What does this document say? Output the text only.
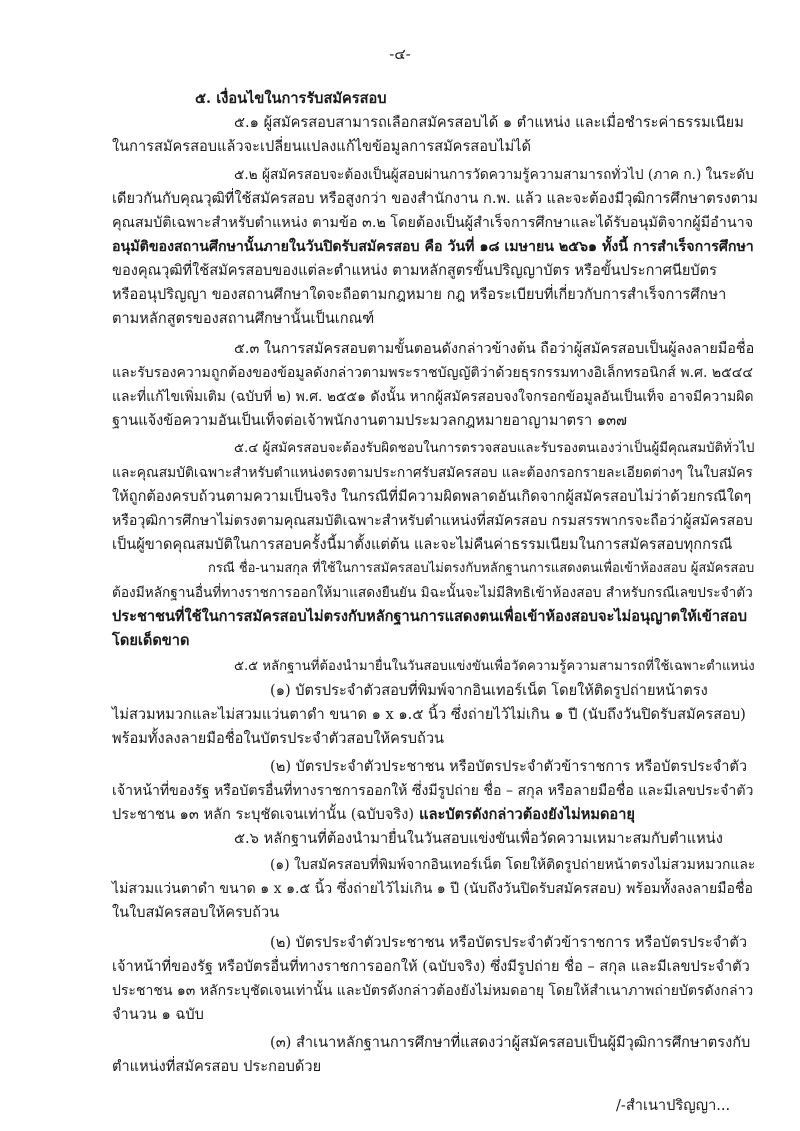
-๔-
๕. เงื่อนไขในการรับสมัครสอบ
๕.๑ ผู้สมัครสอบสามารถเลือกสมัครสอบได้ ๑ ตำแหน่ง และเมื่อชำระค่าธรรมเนียม
ในการสมัครสอบแล้วจะเปลี่ยนแปลงแก้ไขข้อมูลการสมัครสอบไม่ได้
๕.๒ ผู้สมัครสอบจะต้องเป็นผู้สอบผ่านการวัดความรู้ความสามารถทั่วไป (ภาค ก.) ในระดับ
เดียวกันกับคุณวุฒิที่ใช้สมัครสอบ หรือสูงกว่า ของสำนักงาน ก.พ. แล้ว และจะต้องมีวุฒิการศึกษาตรงตาม
คุณสมบัติเฉพาะสำหรับตำแหน่ง ตามข้อ ๓.๒ โดยต้องเป็นผู้สำเร็จการศึกษาและได้รับอนุมัติจากผู้มีอำนาจ
อนุมัติของสถานศึกษานั้นภายในวันปิดรับสมัครสอบ คือ วันที่ ๑๘ เมษายน ๒๕๖๑ ทั้งนี้ การสำเร็จการศึกษา
ของคุณวุฒิที่ใช้สมัครสอบของแต่ละตำแหน่ง ตามหลักสูตรขั้นปริญญาบัตร หรือขั้นประกาศนียบัตร
หรืออนุปริญญา ของสถานศึกษาใดจะถือตามกฎหมาย กฎ หรือระเบียบที่เกี่ยวกับการสำเร็จการศึกษา
ตามหลักสูตรของสถานศึกษานั้นเป็นเกณฑ์
๕.๓ ในการสมัครสอบตามขั้นตอนดังกล่าวข้างต้น ถือว่าผู้สมัครสอบเป็นผู้ลงลายมือชื่อ
และรับรองความถูกต้องของข้อมูลดังกล่าวตามพระราชบัญญัติว่าด้วยธุรกรรมทางอิเล็กทรอนิกส์ พ.ศ. ๒๕๔๔
และที่แก้ไขเพิ่มเติม (ฉบับที่ ๒) พ.ศ. ๒๕๕๑ ดังนั้น หากผู้สมัครสอบจงใจกรอกข้อมูลอันเป็นเท็จ อาจมีความผิด
ฐานแจ้งข้อความอันเป็นเท็จต่อเจ้าพนักงานตามประมวลกฎหมายอาญามาตรา ๑๓๗
๕.๔ ผู้สมัครสอบจะต้องรับผิดชอบในการตรวจสอบและรับรองตนเองว่าเป็นผู้มีคุณสมบัติทั่วไป
และคุณสมบัติเฉพาะสำหรับตำแหน่งตรงตามประกาศรับสมัครสอบ และต้องกรอกรายละเอียดต่างๆ ในใบสมัคร
ให้ถูกต้องครบถ้วนตามความเป็นจริง ในกรณีที่มีความผิดพลาดอันเกิดจากผู้สมัครสอบไม่ว่าด้วยกรณีใดๆ
หรือวุฒิการศึกษาไม่ตรงตามคุณสมบัติเฉพาะสำหรับตำแหน่งที่สมัครสอบ กรมสรรพากรจะถือว่าผู้สมัครสอบ
เป็นผู้ขาดคุณสมบัติในการสอบครั้งนี้มาตั้งแต่ต้น และจะไม่คืนค่าธรรมเนียมในการสมัครสอบทุกกรณี
กรณี ชื่อ-นามสกุล ที่ใช้ในการสมัครสอบไม่ตรงกับหลักฐานการแสดงตนเพื่อเข้าห้องสอบ ผู้สมัครสอบ
ต้องมีหลักฐานอื่นที่ทางราชการออกให้มาแสดงยืนยัน มิฉะนั้นจะไม่มีสิทธิเข้าห้องสอบ สำหรับกรณีเลขประจำตัว
ประชาชนที่ใช้ในการสมัครสอบไม่ตรงกับหลักฐานการแสดงตนเพื่อเข้าห้องสอบจะไม่อนุญาตให้เข้าสอบ
โดยเด็ดขาด
๕.๕ หลักฐานที่ต้องนำมายื่นในวันสอบแข่งขันเพื่อวัดความรู้ความสามารถที่ใช้เฉพาะตำแหน่ง
(๑) บัตรประจำตัวสอบที่พิมพ์จากอินเทอร์เน็ต โดยให้ติดรูปถ่ายหน้าตรง
ไม่สวมหมวกและไม่สวมแว่นตาดำ ขนาด ๑ x ๑.๕ นิ้ว ซึ่งถ่ายไว้ไม่เกิน ๑ ปี (นับถึงวันปิดรับสมัครสอบ)
พร้อมทั้งลงลายมือชื่อในบัตรประจำตัวสอบให้ครบถ้วน
(๒) บัตรประจำตัวประชาชน หรือบัตรประจำตัวข้าราชการ หรือบัตรประจำตัว
เจ้าหน้าที่ของรัฐ หรือบัตรอื่นที่ทางราชการออกให้ ซึ่งมีรูปถ่าย ชื่อ – สกุล หรือลายมือชื่อ และมีเลขประจำตัว
ประชาชน ๑๓ หลัก ระบุชัดเจนเท่านั้น (ฉบับจริง) และบัตรดังกล่าวต้องยังไม่หมดอายุ
๕.๖ หลักฐานที่ต้องนำมายื่นในวันสอบแข่งขันเพื่อวัดความเหมาะสมกับตำแหน่ง
(๑) ใบสมัครสอบที่พิมพ์จากอินเทอร์เน็ต โดยให้ติดรูปถ่ายหน้าตรงไม่สวมหมวกและ
ไม่สวมแว่นตาดำ ขนาด ๑ x ๑.๕ นิ้ว ซึ่งถ่ายไว้ไม่เกิน ๑ ปี (นับถึงวันปิดรับสมัครสอบ) พร้อมทั้งลงลายมือชื่อ
ในใบสมัครสอบให้ครบถ้วน
(๒) บัตรประจำตัวประชาชน หรือบัตรประจำตัวข้าราชการ หรือบัตรประจำตัว
เจ้าหน้าที่ของรัฐ หรือบัตรอื่นที่ทางราชการออกให้ (ฉบับจริง) ซึ่งมีรูปถ่าย ชื่อ – สกุล และมีเลขประจำตัว
ประชาชน ๑๓ หลักระบุชัดเจนเท่านั้น และบัตรดังกล่าวต้องยังไม่หมดอายุ โดยให้สำเนาภาพถ่ายบัตรดังกล่าว
จำนวน ๑ ฉบับ
(๓) สำเนาหลักฐานการศึกษาที่แสดงว่าผู้สมัครสอบเป็นผู้มีวุฒิการศึกษาตรงกับ
ตำแหน่งที่สมัครสอบ ประกอบด้วย
/-สำเนาปริญญา...
